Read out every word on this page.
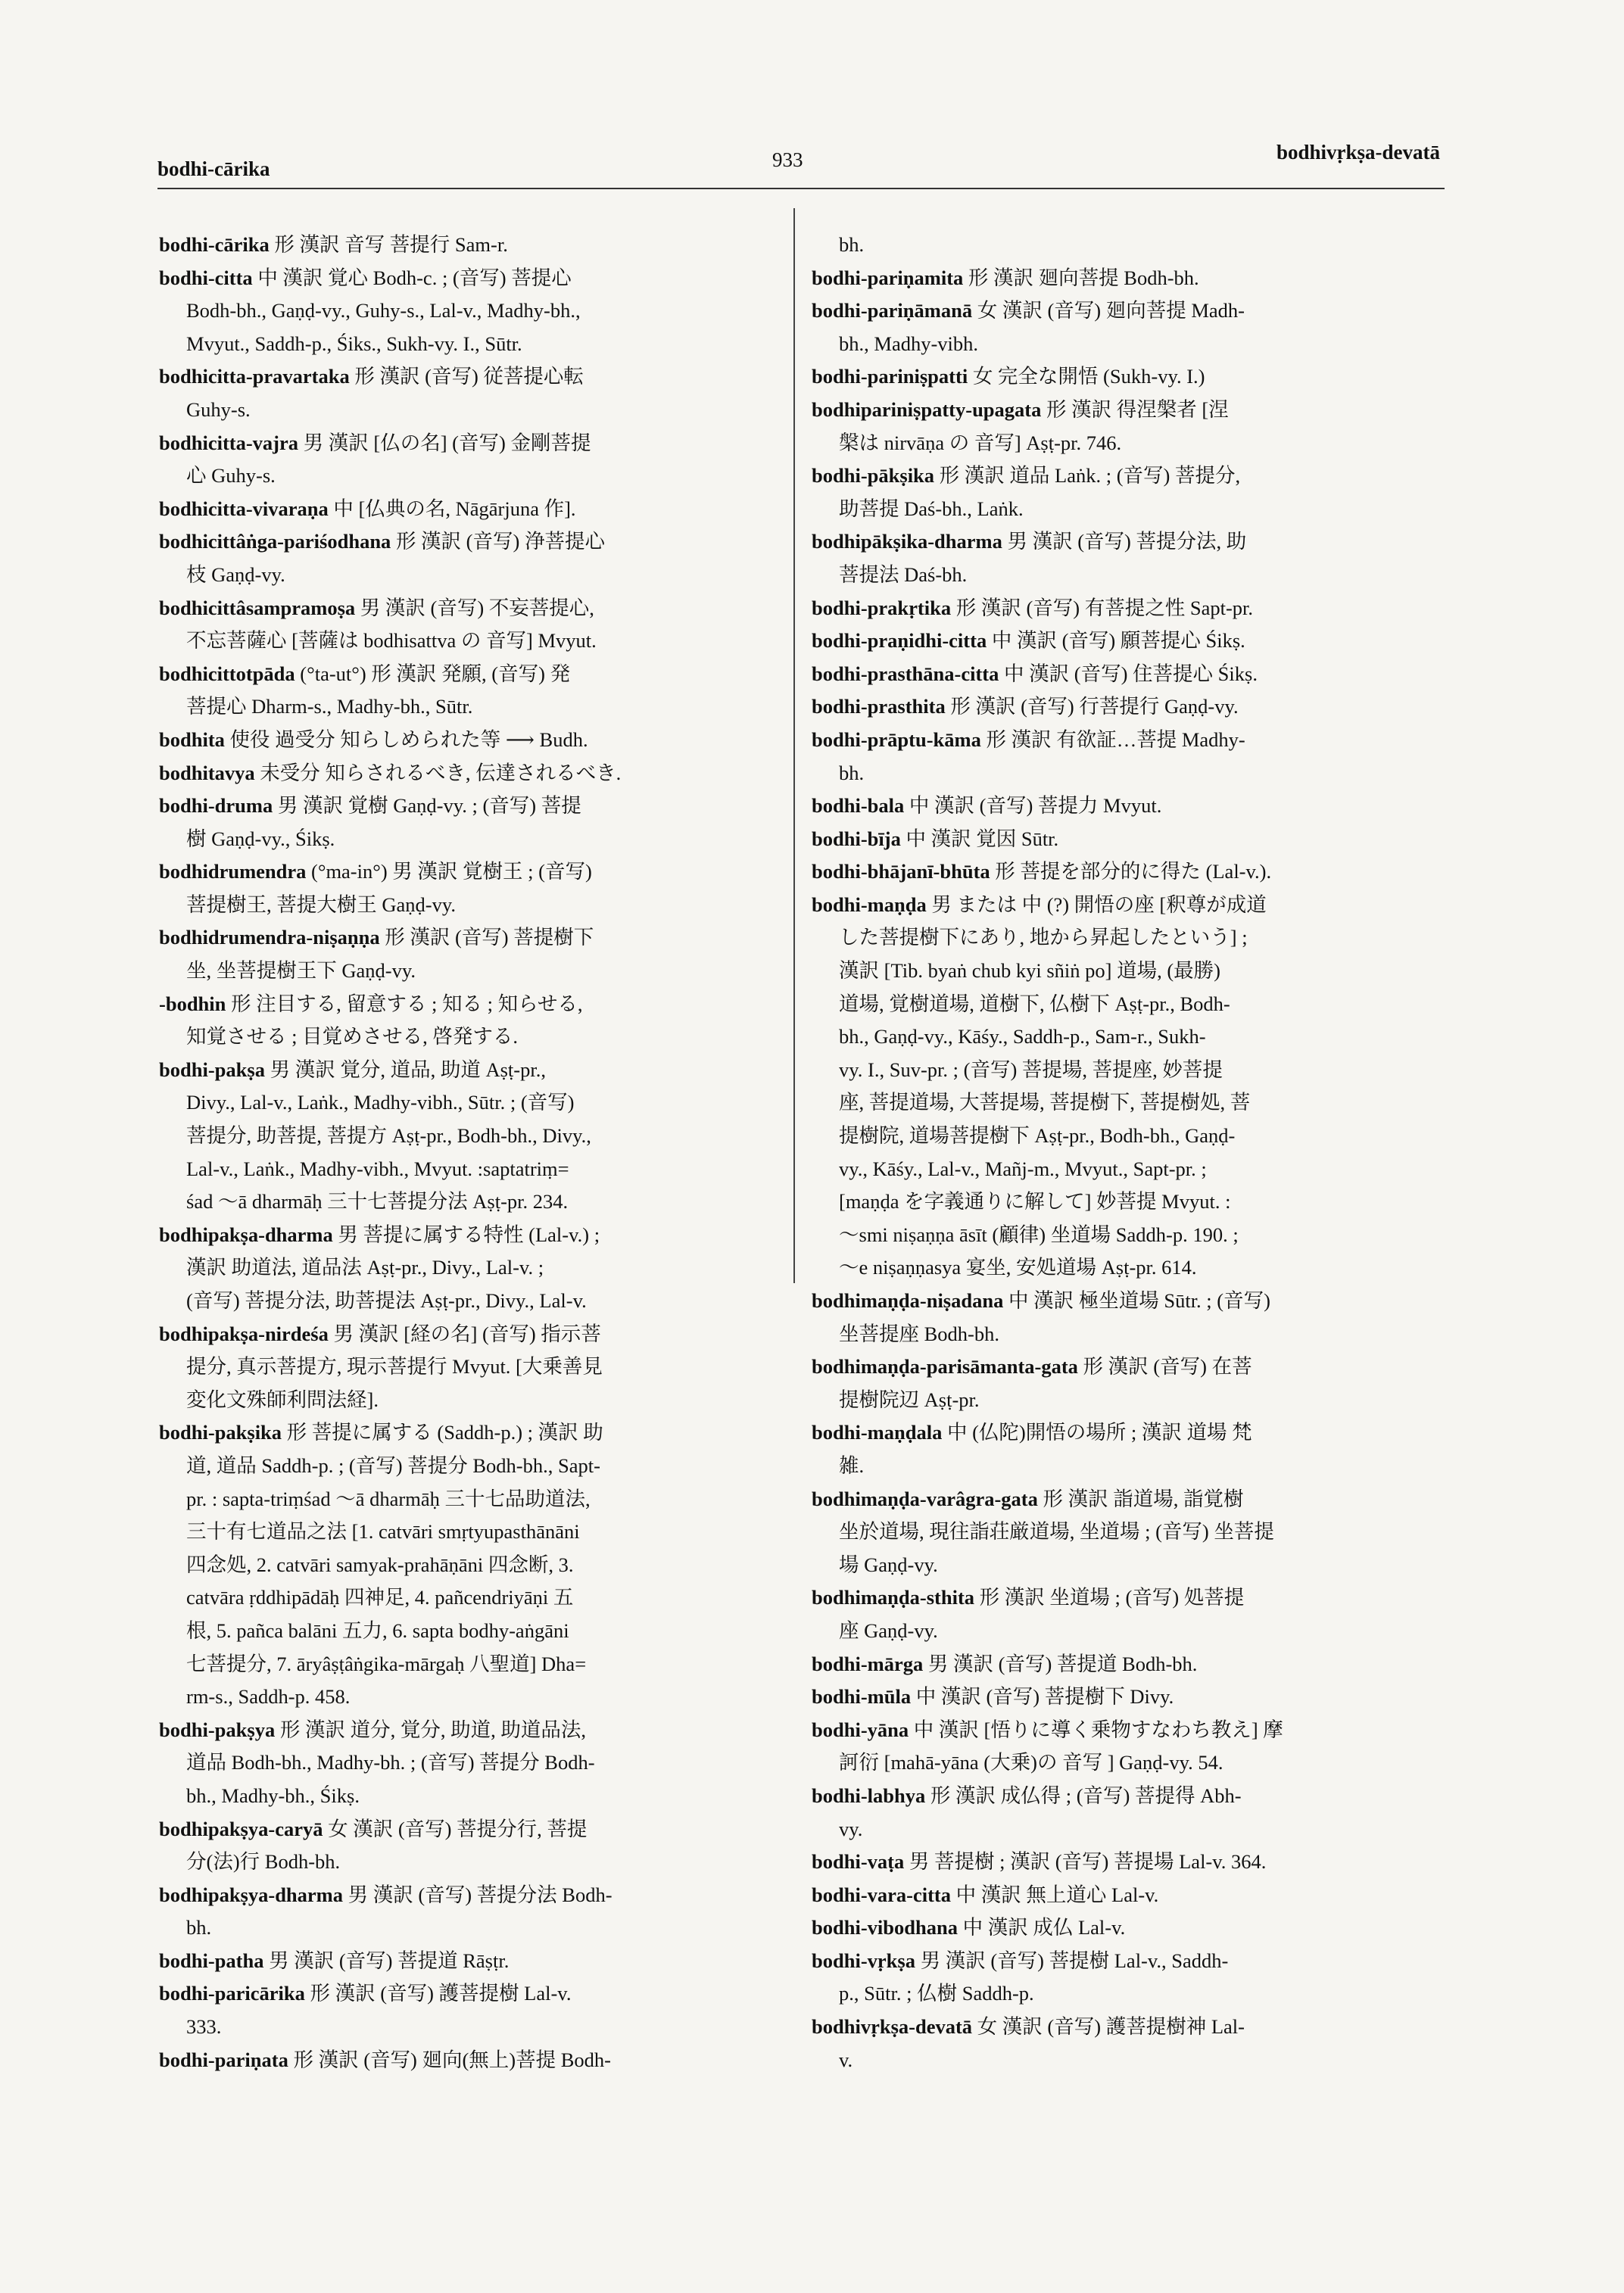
bodhi-cārika	933	bodhivṛkṣa-devatā
bodhi-cārika 形 漢訳 音写 菩提行 Sam-r.
bodhi-citta 中 漢訳 覚心 Bodh-c. ; (音写) 菩提心
Bodh-bh., Gaṇḍ-vy., Guhy-s., Lal-v., Madhy-bh.,
Mvyut., Saddh-p., Śiks., Sukh-vy. I., Sūtr.
bodhicitta-pravartaka 形 漢訳 (音写) 従菩提心転
Guhy-s.
bodhicitta-vajra 男 漢訳 [仏の名] (音写) 金剛菩提
心 Guhy-s.
bodhicitta-vivaraṇa 中 [仏典の名, Nāgārjuna 作].
bodhicittâṅga-pariśodhana 形 漢訳 (音写) 浄菩提心
枝 Gaṇḍ-vy.
bodhicittâsampramoṣa 男 漢訳 (音写) 不妄菩提心,
不忘菩薩心 [菩薩は bodhisattva の 音写] Mvyut.
bodhicittotpāda (°ta-ut°) 形 漢訳 発願, (音写) 発
菩提心 Dharm-s., Madhy-bh., Sūtr.
bodhita 使役 過受分 知らしめられた等 ⟶ Budh.
bodhitavya 未受分 知らされるべき, 伝達されるべき.
bodhi-druma 男 漢訳 覚樹 Gaṇḍ-vy. ; (音写) 菩提
樹 Gaṇḍ-vy., Śikṣ.
bodhidrumendra (°ma-in°) 男 漢訳 覚樹王 ; (音写)
菩提樹王, 菩提大樹王 Gaṇḍ-vy.
bodhidrumendra-niṣaṇṇa 形 漢訳 (音写) 菩提樹下
坐, 坐菩提樹王下 Gaṇḍ-vy.
-bodhin 形 注目する, 留意する ; 知る ; 知らせる,
知覚させる ; 目覚めさせる, 啓発する.
bodhi-pakṣa 男 漢訳 覚分, 道品, 助道 Aṣṭ-pr.,
Divy., Lal-v., Laṅk., Madhy-vibh., Sūtr. ; (音写)
菩提分, 助菩提, 菩提方 Aṣṭ-pr., Bodh-bh., Divy.,
Lal-v., Laṅk., Madhy-vibh., Mvyut. :saptatriṃ=
śad ～ā dharmāḥ 三十七菩提分法 Aṣṭ-pr. 234.
bodhipakṣa-dharma 男 菩提に属する特性 (Lal-v.) ;
漢訳 助道法, 道品法 Aṣṭ-pr., Divy., Lal-v. ;
(音写) 菩提分法, 助菩提法 Aṣṭ-pr., Divy., Lal-v.
bodhipakṣa-nirdeśa 男 漢訳 [経の名] (音写) 指示菩
提分, 真示菩提方, 現示菩提行 Mvyut. [大乗善見
変化文殊師利問法経].
bodhi-pakṣika 形 菩提に属する (Saddh-p.) ; 漢訳 助
道, 道品 Saddh-p. ; (音写) 菩提分 Bodh-bh., Sapt-
pr. : sapta-triṃśad ～ā dharmāḥ 三十七品助道法,
三十有七道品之法 [1. catvāri smṛtyupasthānāni
四念処, 2. catvāri samyak-prahāṇāni 四念断, 3.
catvāra ṛddhipādāḥ 四神足, 4. pañcendriyāṇi 五
根, 5. pañca balāni 五力, 6. sapta bodhy-aṅgāni
七菩提分, 7. āryâṣṭâṅgika-mārgaḥ 八聖道] Dha=
rm-s., Saddh-p. 458.
bodhi-pakṣya 形 漢訳 道分, 覚分, 助道, 助道品法,
道品 Bodh-bh., Madhy-bh. ; (音写) 菩提分 Bodh-
bh., Madhy-bh., Śikṣ.
bodhipakṣya-caryā 女 漢訳 (音写) 菩提分行, 菩提
分(法)行 Bodh-bh.
bodhipakṣya-dharma 男 漢訳 (音写) 菩提分法 Bodh-
bh.
bodhi-patha 男 漢訳 (音写) 菩提道 Rāṣṭr.
bodhi-paricārika 形 漢訳 (音写) 護菩提樹 Lal-v.
333.
bodhi-pariṇata 形 漢訳 (音写) 廻向(無上)菩提 Bodh-
bh.
bodhi-pariṇamita 形 漢訳 廻向菩提 Bodh-bh.
bodhi-pariṇāmanā 女 漢訳 (音写) 廻向菩提 Madh-
bh., Madhy-vibh.
bodhi-pariniṣpatti 女 完全な開悟 (Sukh-vy. I.)
bodhipariniṣpatty-upagata 形 漢訳 得涅槃者 [涅
槃は nirvāṇa の 音写] Aṣṭ-pr. 746.
bodhi-pākṣika 形 漢訳 道品 Laṅk. ; (音写) 菩提分,
助菩提 Daś-bh., Laṅk.
bodhipākṣika-dharma 男 漢訳 (音写) 菩提分法, 助
菩提法 Daś-bh.
bodhi-prakṛtika 形 漢訳 (音写) 有菩提之性 Sapt-pr.
bodhi-praṇidhi-citta 中 漢訳 (音写) 願菩提心 Śikṣ.
bodhi-prasthāna-citta 中 漢訳 (音写) 住菩提心 Śikṣ.
bodhi-prasthita 形 漢訳 (音写) 行菩提行 Gaṇḍ-vy.
bodhi-prāptu-kāma 形 漢訳 有欲証…菩提 Madhy-
bh.
bodhi-bala 中 漢訳 (音写) 菩提力 Mvyut.
bodhi-bīja 中 漢訳 覚因 Sūtr.
bodhi-bhājanī-bhūta 形 菩提を部分的に得た (Lal-v.).
bodhi-maṇḍa 男 または 中 (?) 開悟の座 [釈尊が成道
した菩提樹下にあり, 地から昇起したという] ;
漢訳 [Tib. byaṅ chub kyi sñiṅ po] 道場, (最勝)
道場, 覚樹道場, 道樹下, 仏樹下 Aṣṭ-pr., Bodh-
bh., Gaṇḍ-vy., Kāśy., Saddh-p., Sam-r., Sukh-
vy. I., Suv-pr. ; (音写) 菩提場, 菩提座, 妙菩提
座, 菩提道場, 大菩提場, 菩提樹下, 菩提樹処, 菩
提樹院, 道場菩提樹下 Aṣṭ-pr., Bodh-bh., Gaṇḍ-
vy., Kāśy., Lal-v., Mañj-m., Mvyut., Sapt-pr. ;
[maṇḍa を字義通りに解して] 妙菩提 Mvyut. :
～smi niṣaṇṇa āsīt (顧律) 坐道場 Saddh-p. 190. ;
～e niṣaṇṇasya 宴坐, 安処道場 Aṣṭ-pr. 614.
bodhimaṇḍa-niṣadana 中 漢訳 極坐道場 Sūtr. ; (音写)
坐菩提座 Bodh-bh.
bodhimaṇḍa-parisāmanta-gata 形 漢訳 (音写) 在菩
提樹院辺 Aṣṭ-pr.
bodhi-maṇḍala 中 (仏陀)開悟の場所 ; 漢訳 道場 梵
雑.
bodhimaṇḍa-varâgra-gata 形 漢訳 詣道場, 詣覚樹
坐於道場, 現往詣荘厳道場, 坐道場 ; (音写) 坐菩提
場 Gaṇḍ-vy.
bodhimaṇḍa-sthita 形 漢訳 坐道場 ; (音写) 処菩提
座 Gaṇḍ-vy.
bodhi-mārga 男 漢訳 (音写) 菩提道 Bodh-bh.
bodhi-mūla 中 漢訳 (音写) 菩提樹下 Divy.
bodhi-yāna 中 漢訳 [悟りに導く乗物すなわち教え] 摩
訶衍 [mahā-yāna (大乗)の 音写 ] Gaṇḍ-vy. 54.
bodhi-labhya 形 漢訳 成仏得 ; (音写) 菩提得 Abh-
vy.
bodhi-vaṭa 男 菩提樹 ; 漢訳 (音写) 菩提場 Lal-v. 364.
bodhi-vara-citta 中 漢訳 無上道心 Lal-v.
bodhi-vibodhana 中 漢訳 成仏 Lal-v.
bodhi-vṛkṣa 男 漢訳 (音写) 菩提樹 Lal-v., Saddh-
p., Sūtr. ; 仏樹 Saddh-p.
bodhivṛkṣa-devatā 女 漢訳 (音写) 護菩提樹神 Lal-
v.
